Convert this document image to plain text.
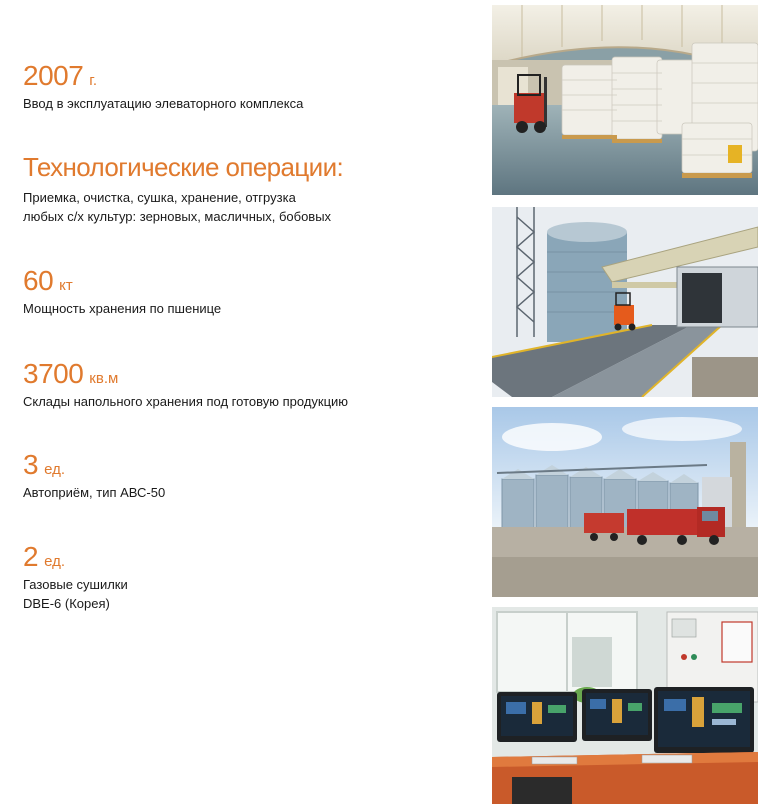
2007 г.
Ввод в эксплуатацию элеваторного комплекса
Технологические операции:
Приемка, очистка, сушка, хранение, отгрузка
любых с/х культур: зерновых, масличных, бобовых
60 кт
Мощность хранения по пшенице
3700 кв.м
Склады напольного хранения под готовую продукцию
3 ед.
Автоприём, тип АВС-50
2 ед.
Газовые сушилки
DBE-6 (Корея)
